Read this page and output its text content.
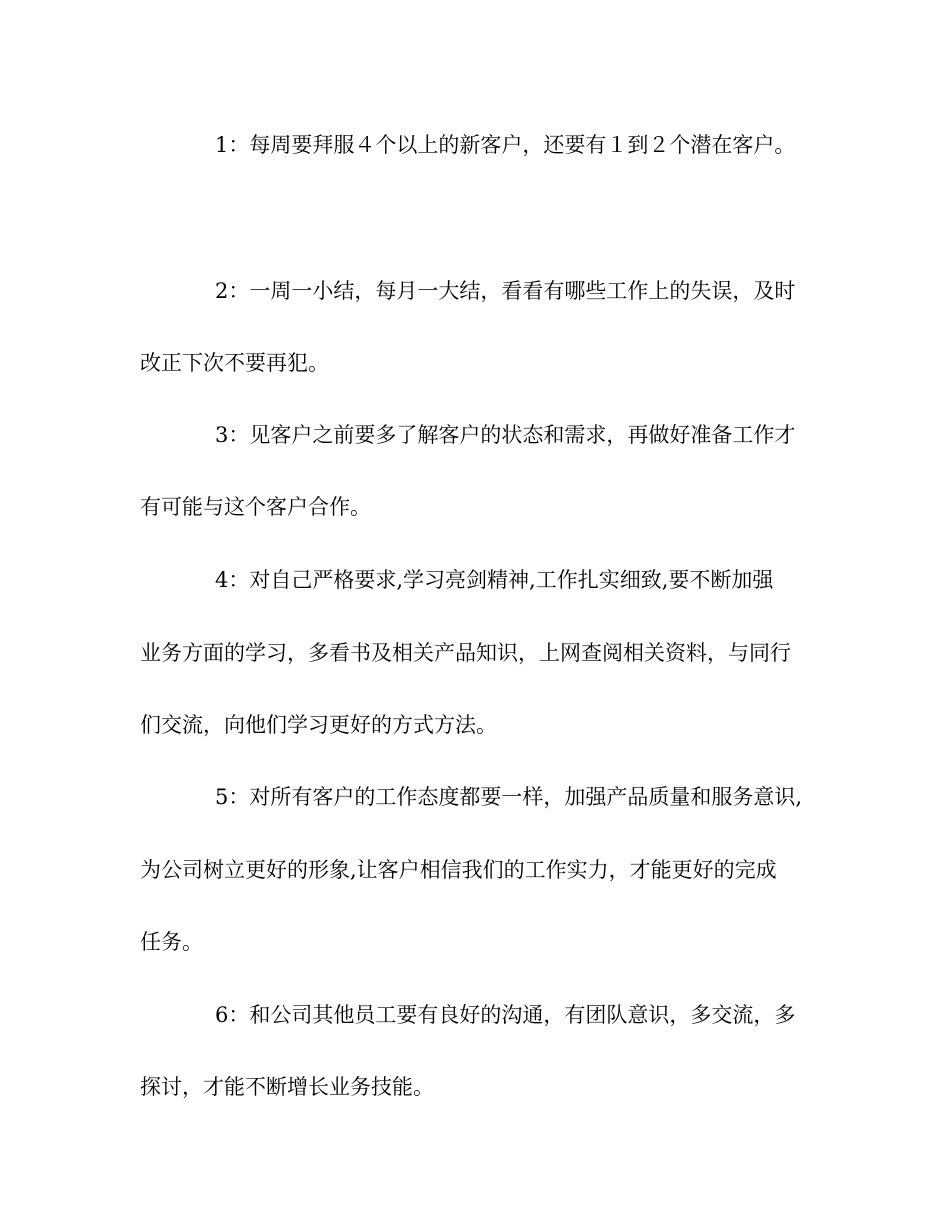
1：每周要拜服４个以上的新客户，还要有１到２个潜在客户。
2：一周一小结，每月一大结，看看有哪些工作上的失误，及时
改正下次不要再犯。
3：见客户之前要多了解客户的状态和需求，再做好准备工作才
有可能与这个客户合作。
4：对自己严格要求,学习亮剑精神,工作扎实细致,要不断加强
业务方面的学习，多看书及相关产品知识，上网查阅相关资料，与同行
们交流，向他们学习更好的方式方法。
5：对所有客户的工作态度都要一样，加强产品质量和服务意识,
为公司树立更好的形象,让客户相信我们的工作实力，才能更好的完成
任务。
6：和公司其他员工要有良好的沟通，有团队意识，多交流，多
探讨，才能不断增长业务技能。
